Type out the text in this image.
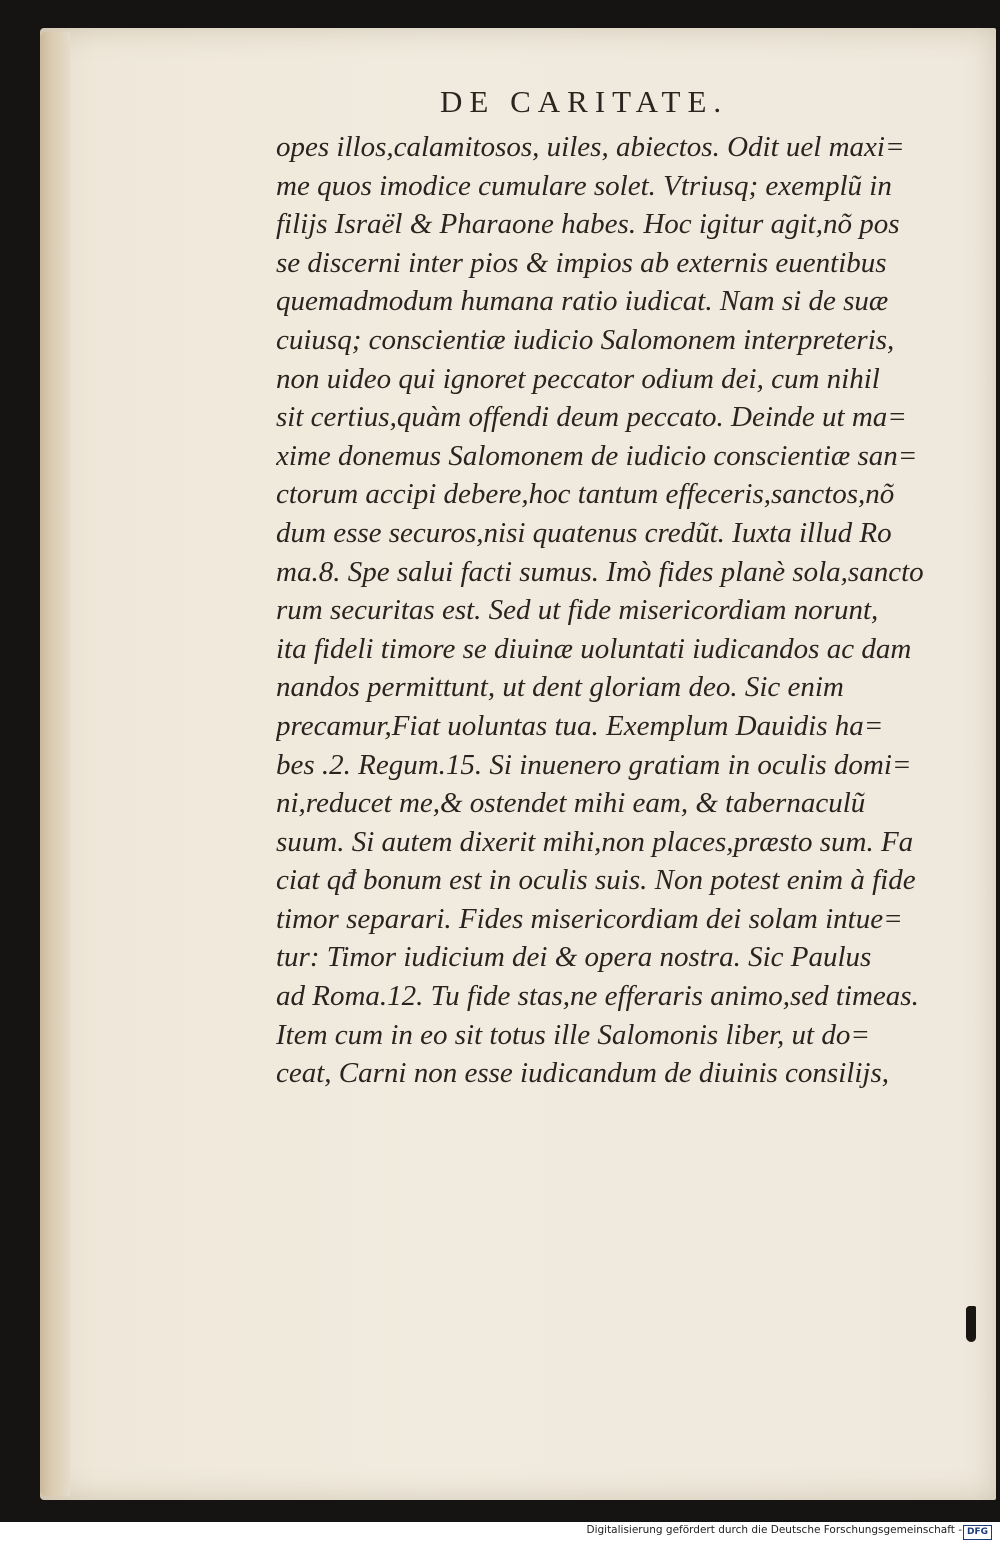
DE CARITATE.
opes illos,calamitosos, uiles, abiectos. Odit uel maxi=
me quos imodice cumulare solet. Vtriusq; exemplũ in
filijs Israël & Pharaone habes. Hoc igitur agit,nõ pos
se discerni inter pios & impios ab externis euentibus
quemadmodum humana ratio iudicat. Nam si de suæ
cuiusq; conscientiæ iudicio Salomonem interpreteris,
non uideo qui ignoret peccator odium dei, cum nihil
sit certius,quàm offendi deum peccato. Deinde ut ma=
xime donemus Salomonem de iudicio conscientiæ san=
ctorum accipi debere,hoc tantum effeceris,sanctos,nõ
dum esse securos,nisi quatenus credũt. Iuxta illud Ro
ma.8. Spe salui facti sumus. Imò fides planè sola,sancto
rum securitas est. Sed ut fide misericordiam norunt,
ita fideli timore se diuinæ uoluntati iudicandos ac dam
nandos permittunt, ut dent gloriam deo. Sic enim
precamur,Fiat uoluntas tua. Exemplum Dauidis ha=
bes .2. Regum.15. Si inuenero gratiam in oculis domi=
ni,reducet me,& ostendet mihi eam, & tabernaculũ
suum. Si autem dixerit mihi,non places,præsto sum. Fa
ciat qđ bonum est in oculis suis. Non potest enim à fide
timor separari. Fides misericordiam dei solam intue=
tur: Timor iudicium dei & opera nostra. Sic Paulus
ad Roma.12. Tu fide stas,ne efferaris animo,sed timeas.
Item cum in eo sit totus ille Salomonis liber, ut do=
ceat, Carni non esse iudicandum de diuinis consilijs,
Digitalisierung gefördert durch die Deutsche Forschungsgemeinschaft - DFG
